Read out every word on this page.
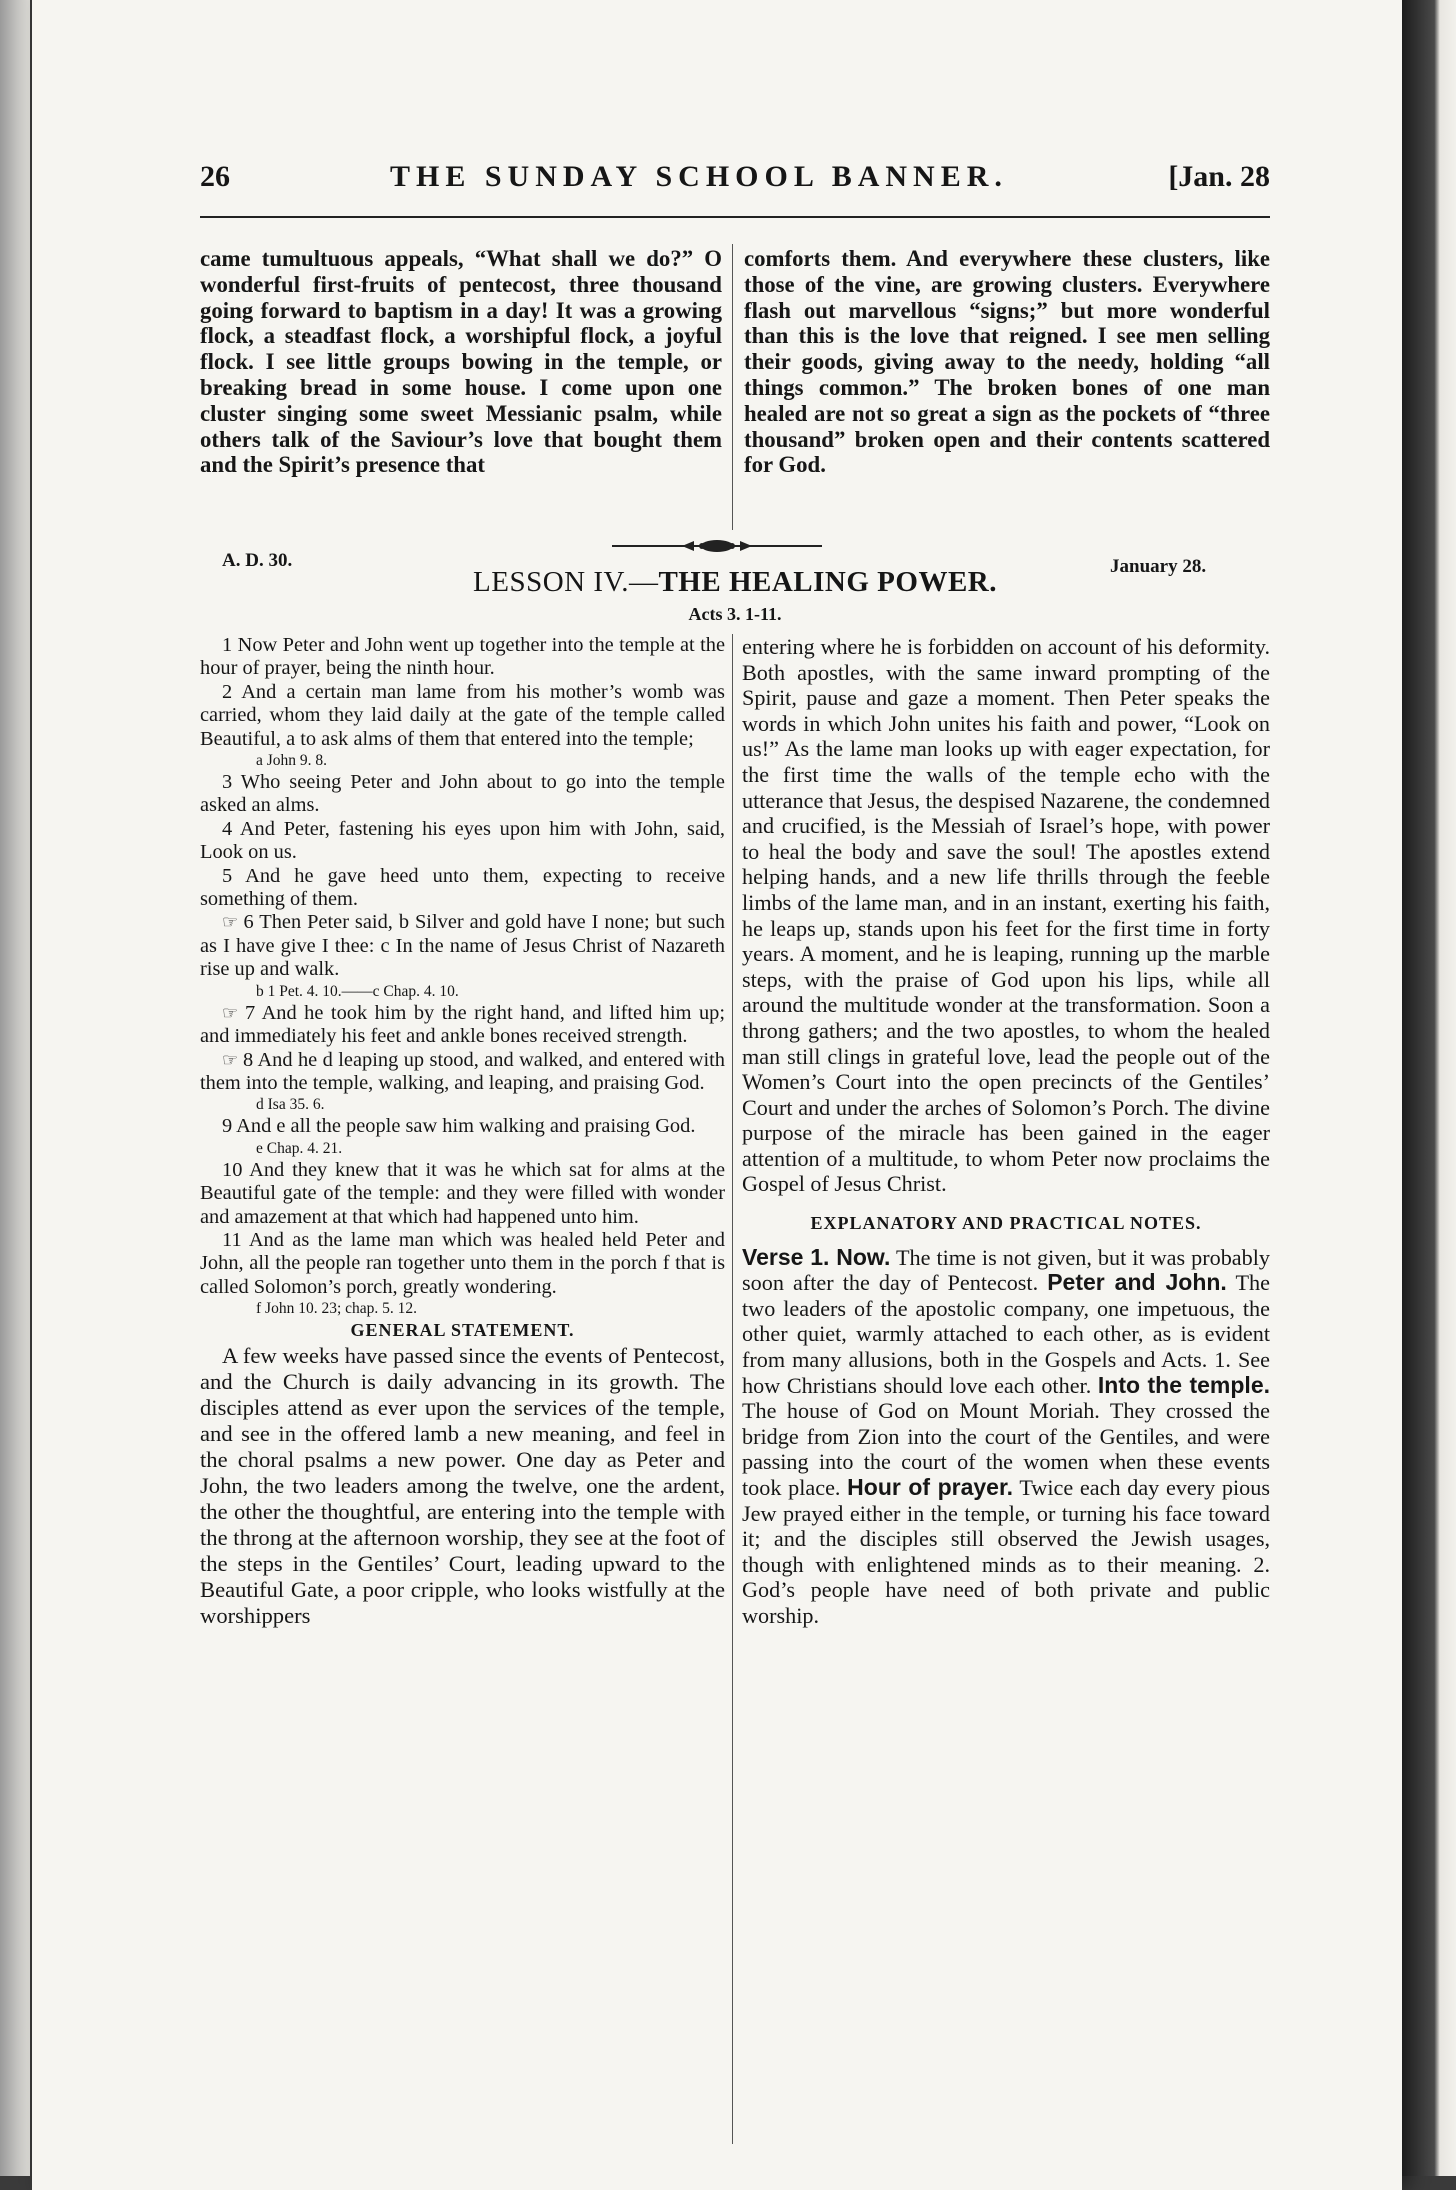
26	THE SUNDAY SCHOOL BANNER.	[Jan. 28

came tumultuous appeals, “What shall we do?” O wonderful first-fruits of pentecost, three thousand going forward to baptism in a day! It was a growing flock, a steadfast flock, a worshipful flock, a joyful flock. I see little groups bowing in the temple, or breaking bread in some house. I come upon one cluster singing some sweet Messianic psalm, while others talk of the Saviour’s love that bought them and the Spirit’s presence that

comforts them. And everywhere these clusters, like those of the vine, are growing clusters. Everywhere flash out marvellous “signs;” but more wonderful than this is the love that reigned. I see men selling their goods, giving away to the needy, holding “all things common.” The broken bones of one man healed are not so great a sign as the pockets of “three thousand” broken open and their contents scattered for God.

A. D. 30.	January 28.
LESSON IV.—THE HEALING POWER.
Acts 3. 1-11.

1 Now Peter and John went up together into the temple at the hour of prayer, being the ninth hour.

2 And a certain man lame from his mother’s womb was carried, whom they laid daily at the gate of the temple called Beautiful, a to ask alms of them that entered into the temple;

a John 9. 8.

3 Who seeing Peter and John about to go into the temple asked an alms.

4 And Peter, fastening his eyes upon him with John, said, Look on us.

5 And he gave heed unto them, expecting to receive something of them.

☞ 6 Then Peter said, b Silver and gold have I none; but such as I have give I thee: c In the name of Jesus Christ of Nazareth rise up and walk.

b 1 Pet. 4. 10.——c Chap. 4. 10.

☞ 7 And he took him by the right hand, and lifted him up; and immediately his feet and ankle bones received strength.

☞ 8 And he d leaping up stood, and walked, and entered with them into the temple, walking, and leaping, and praising God.

d Isa 35. 6.

9 And e all the people saw him walking and praising God.

e Chap. 4. 21.

10 And they knew that it was he which sat for alms at the Beautiful gate of the temple: and they were filled with wonder and amazement at that which had happened unto him.

11 And as the lame man which was healed held Peter and John, all the people ran together unto them in the porch f that is called Solomon’s porch, greatly wondering.

f John 10. 23; chap. 5. 12.

GENERAL STATEMENT.

A few weeks have passed since the events of Pentecost, and the Church is daily advancing in its growth. The disciples attend as ever upon the services of the temple, and see in the offered lamb a new meaning, and feel in the choral psalms a new power. One day as Peter and John, the two leaders among the twelve, one the ardent, the other the thoughtful, are entering into the temple with the throng at the afternoon worship, they see at the foot of the steps in the Gentiles’ Court, leading upward to the Beautiful Gate, a poor cripple, who looks wistfully at the worshippers

entering where he is forbidden on account of his deformity. Both apostles, with the same inward prompting of the Spirit, pause and gaze a moment. Then Peter speaks the words in which John unites his faith and power, “Look on us!” As the lame man looks up with eager expectation, for the first time the walls of the temple echo with the utterance that Jesus, the despised Nazarene, the condemned and crucified, is the Messiah of Israel’s hope, with power to heal the body and save the soul! The apostles extend helping hands, and a new life thrills through the feeble limbs of the lame man, and in an instant, exerting his faith, he leaps up, stands upon his feet for the first time in forty years. A moment, and he is leaping, running up the marble steps, with the praise of God upon his lips, while all around the multitude wonder at the transformation. Soon a throng gathers; and the two apostles, to whom the healed man still clings in grateful love, lead the people out of the Women’s Court into the open precincts of the Gentiles’ Court and under the arches of Solomon’s Porch. The divine purpose of the miracle has been gained in the eager attention of a multitude, to whom Peter now proclaims the Gospel of Jesus Christ.

EXPLANATORY AND PRACTICAL NOTES.

Verse 1. Now. The time is not given, but it was probably soon after the day of Pentecost. Peter and John. The two leaders of the apostolic company, one impetuous, the other quiet, warmly attached to each other, as is evident from many allusions, both in the Gospels and Acts. 1. See how Christians should love each other. Into the temple. The house of God on Mount Moriah. They crossed the bridge from Zion into the court of the Gentiles, and were passing into the court of the women when these events took place. Hour of prayer. Twice each day every pious Jew prayed either in the temple, or turning his face toward it; and the disciples still observed the Jewish usages, though with enlightened minds as to their meaning. 2. God’s people have need of both private and public worship.
